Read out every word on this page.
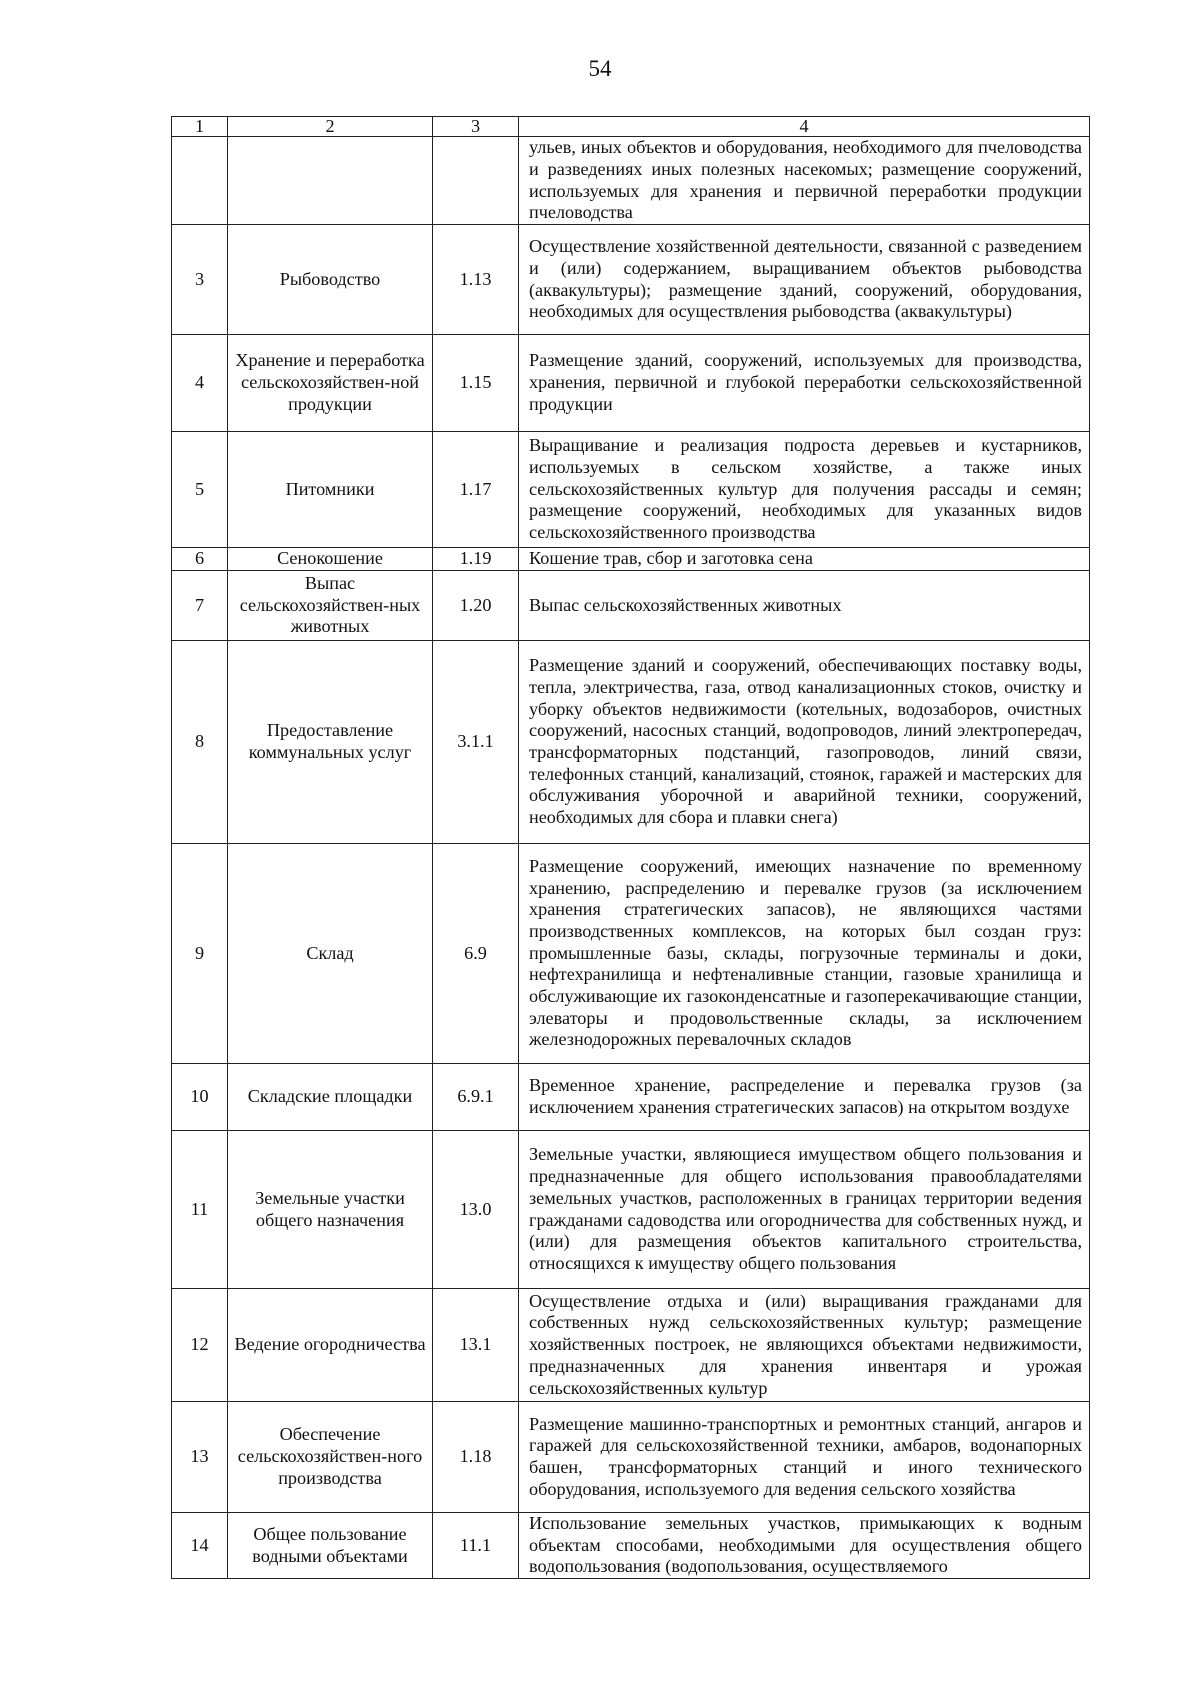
54
1	2	3	4
			ульев, иных объектов и оборудования, необходимого для пчеловодства и разведениях иных полезных насекомых; размещение сооружений, используемых для хранения и первичной переработки продукции пчеловодства
3	Рыбоводство	1.13	Осуществление хозяйственной деятельности, связанной с разведением и (или) содержанием, выращиванием объектов рыбоводства (аквакультуры); размещение зданий, сооружений, оборудования, необходимых для осуществления рыбоводства (аквакультуры)
4	Хранение и переработка сельскохозяйствен-ной продукции	1.15	Размещение зданий, сооружений, используемых для производства, хранения, первичной и глубокой переработки сельскохозяйственной продукции
5	Питомники	1.17	Выращивание и реализация подроста деревьев и кустарников, используемых в сельском хозяйстве, а также иных сельскохозяйственных культур для получения рассады и семян; размещение сооружений, необходимых для указанных видов сельскохозяйственного производства
6	Сенокошение	1.19	Кошение трав, сбор и заготовка сена
7	Выпас сельскохозяйствен-ных животных	1.20	Выпас сельскохозяйственных животных
8	Предоставление коммунальных услуг	3.1.1	Размещение зданий и сооружений, обеспечивающих поставку воды, тепла, электричества, газа, отвод канализационных стоков, очистку и уборку объектов недвижимости (котельных, водозаборов, очистных сооружений, насосных станций, водопроводов, линий электропередач, трансформаторных подстанций, газопроводов, линий связи, телефонных станций, канализаций, стоянок, гаражей и мастерских для обслуживания уборочной и аварийной техники, сооружений, необходимых для сбора и плавки снега)
9	Склад	6.9	Размещение сооружений, имеющих назначение по временному хранению, распределению и перевалке грузов (за исключением хранения стратегических запасов), не являющихся частями производственных комплексов, на которых был создан груз: промышленные базы, склады, погрузочные терминалы и доки, нефтехранилища и нефтеналивные станции, газовые хранилища и обслуживающие их газоконденсатные и газоперекачивающие станции, элеваторы и продовольственные склады, за исключением железнодорожных перевалочных складов
10	Складские площадки	6.9.1	Временное хранение, распределение и перевалка грузов (за исключением хранения стратегических запасов) на открытом воздухе
11	Земельные участки общего назначения	13.0	Земельные участки, являющиеся имуществом общего пользования и предназначенные для общего использования правообладателями земельных участков, расположенных в границах территории ведения гражданами садоводства или огородничества для собственных нужд, и (или) для размещения объектов капитального строительства, относящихся к имуществу общего пользования
12	Ведение огородничества	13.1	Осуществление отдыха и (или) выращивания гражданами для собственных нужд сельскохозяйственных культур; размещение хозяйственных построек, не являющихся объектами недвижимости, предназначенных для хранения инвентаря и урожая сельскохозяйственных культур
13	Обеспечение сельскохозяйствен-ного производства	1.18	Размещение машинно-транспортных и ремонтных станций, ангаров и гаражей для сельскохозяйственной техники, амбаров, водонапорных башен, трансформаторных станций и иного технического оборудования, используемого для ведения сельского хозяйства
14	Общее пользование водными объектами	11.1	Использование земельных участков, примыкающих к водным объектам способами, необходимыми для осуществления общего водопользования (водопользования, осуществляемого
